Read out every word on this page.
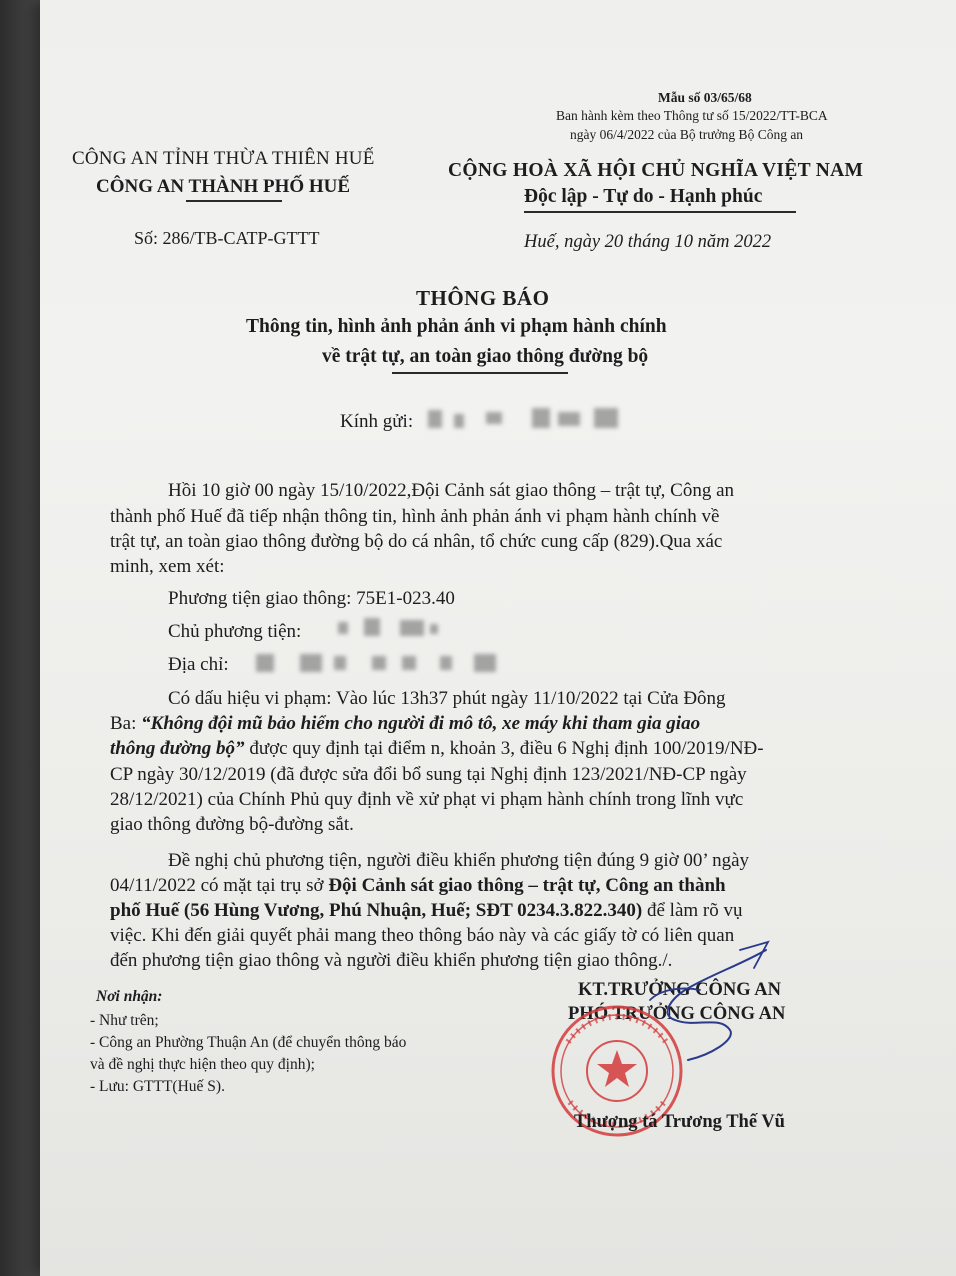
Mẫu số 03/65/68
Ban hành kèm theo Thông tư số 15/2022/TT-BCA
ngày 06/4/2022 của Bộ trưởng Bộ Công an
CÔNG AN TỈNH THỪA THIÊN HUẾ
CÔNG AN THÀNH PHỐ HUẾ
Số: 286/TB-CATP-GTTT
CỘNG HOÀ XÃ HỘI CHỦ NGHĨA VIỆT NAM
Độc lập - Tự do - Hạnh phúc
Huế, ngày 20 tháng 10 năm 2022
THÔNG BÁO
Thông tin, hình ảnh phản ánh vi phạm hành chính
về trật tự, an toàn giao thông đường bộ
Kính gửi:
Hồi 10 giờ 00 ngày 15/10/2022,Đội Cảnh sát giao thông – trật tự, Công an
thành phố Huế đã tiếp nhận thông tin, hình ảnh phản ánh vi phạm hành chính về
trật tự, an toàn giao thông đường bộ do cá nhân, tổ chức cung cấp (829).Qua xác
minh, xem xét:
Phương tiện giao thông: 75E1-023.40
Chủ phương tiện:
Địa chỉ:
Có dấu hiệu vi phạm: Vào lúc 13h37 phút ngày 11/10/2022 tại Cửa Đông
Ba: “Không đội mũ bảo hiểm cho người đi mô tô, xe máy khi tham gia giao
thông đường bộ” được quy định tại điểm n, khoản 3, điều 6 Nghị định 100/2019/NĐ-
CP ngày 30/12/2019 (đã được sửa đổi bổ sung tại Nghị định 123/2021/NĐ-CP ngày
28/12/2021) của Chính Phủ quy định về xử phạt vi phạm hành chính trong lĩnh vực
giao thông đường bộ-đường sắt.
Đề nghị chủ phương tiện, người điều khiển phương tiện đúng 9 giờ 00’ ngày
04/11/2022 có mặt tại trụ sở Đội Cảnh sát giao thông – trật tự, Công an thành
phố Huế (56 Hùng Vương, Phú Nhuận, Huế; SĐT 0234.3.822.340) để làm rõ vụ
việc. Khi đến giải quyết phải mang theo thông báo này và các giấy tờ có liên quan
đến phương tiện giao thông và người điều khiển phương tiện giao thông./.
Nơi nhận:
- Như trên;
- Công an Phường Thuận An (để chuyển thông báo
và đề nghị thực hiện theo quy định);
- Lưu: GTTT(Huế S).
KT.TRƯỞNG CÔNG AN
PHÓ TRƯỞNG CÔNG AN
Thượng tá Trương Thế Vũ
